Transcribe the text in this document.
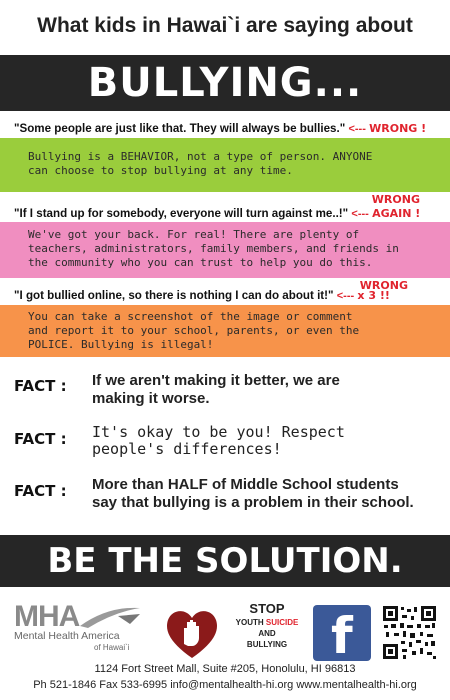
What kids in Hawai`i are saying about
BULLYING...
"Some people are just like that. They will always be bullies." <--- WRONG !
Bullying is a BEHAVIOR, not a type of person. ANYONE
can choose to stop bullying at any time.
WRONG
"If I stand up for somebody, everyone will turn against me..!" <--- AGAIN !
We've got your back. For real! There are plenty of
teachers, administrators, family members, and friends in
the community who you can trust to help you do this.
WRONG
"I got bullied online, so there is nothing I can do about it!" <--- x 3 !!
You can take a screenshot of the image or comment
and report it to your school, parents, or even the
POLICE. Bullying is illegal!
FACT : If we aren't making it better, we are
making it worse.
FACT : It's okay to be you! Respect
people's differences!
FACT : More than HALF of Middle School students
say that bullying is a problem in their school.
BE THE SOLUTION.
MHA
Mental Health America
of Hawai`i
STOP
YOUTH SUICIDE
AND
BULLYING f
1124 Fort Street Mall, Suite #205, Honolulu, HI 96813
Ph 521-1846 Fax 533-6995 info@mentalhealth-hi.org www.mentalhealth-hi.org
